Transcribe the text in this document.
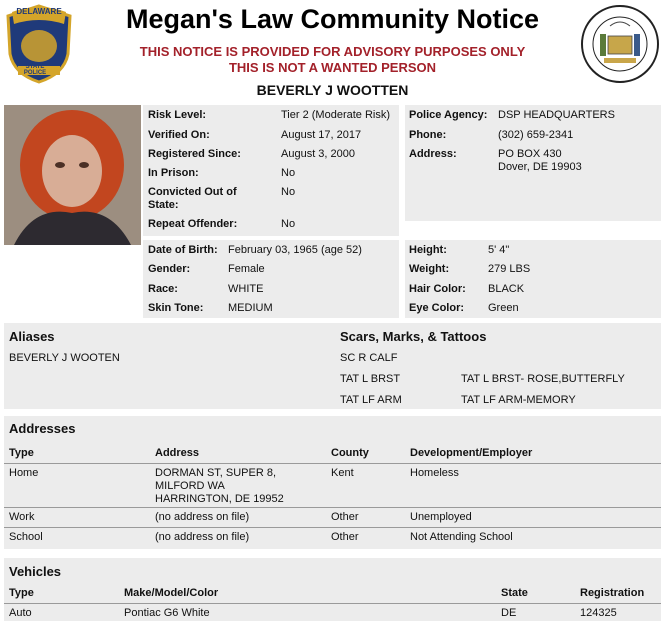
DELAWARE
STATE POLICE
Megan's Law Community Notice
THIS NOTICE IS PROVIDED FOR ADVISORY PURPOSES ONLY
THIS IS NOT A WANTED PERSON
BEVERLY J WOOTTEN
Risk Level:	Tier 2 (Moderate Risk)
Verified On:	August 17, 2017
Registered Since:	August 3, 2000
In Prison:	No
Convicted Out of
State:
No
Repeat Offender:	No
Police Agency: DSP HEADQUARTERS
Phone:	(302) 659-2341
Address:	PO BOX 430
Dover, DE 19903
Date of Birth: February 03, 1965 (age 52)
Gender:	Female
Race:	WHITE
Skin Tone: MEDIUM
Height:	5' 4"
Weight:	279 LBS
Hair Color: BLACK
Eye Color: Green
Aliases
BEVERLY J WOOTEN
Scars, Marks, & Tattoos
SC R CALF
TAT L BRST	TAT L BRST- ROSE,BUTTERFLY
TAT LF ARM	TAT LF ARM-MEMORY
Addresses
Type	Address	County	Development/Employer
Home	DORMAN ST, SUPER 8,
MILFORD WA
HARRINGTON, DE 19952
Kent	Homeless
Work	(no address on file)	Other	Unemployed
School	(no address on file)	Other	Not Attending School
Vehicles
Type	Make/Model/Color	State	Registration
Auto	Pontiac G6 White	DE	124325
